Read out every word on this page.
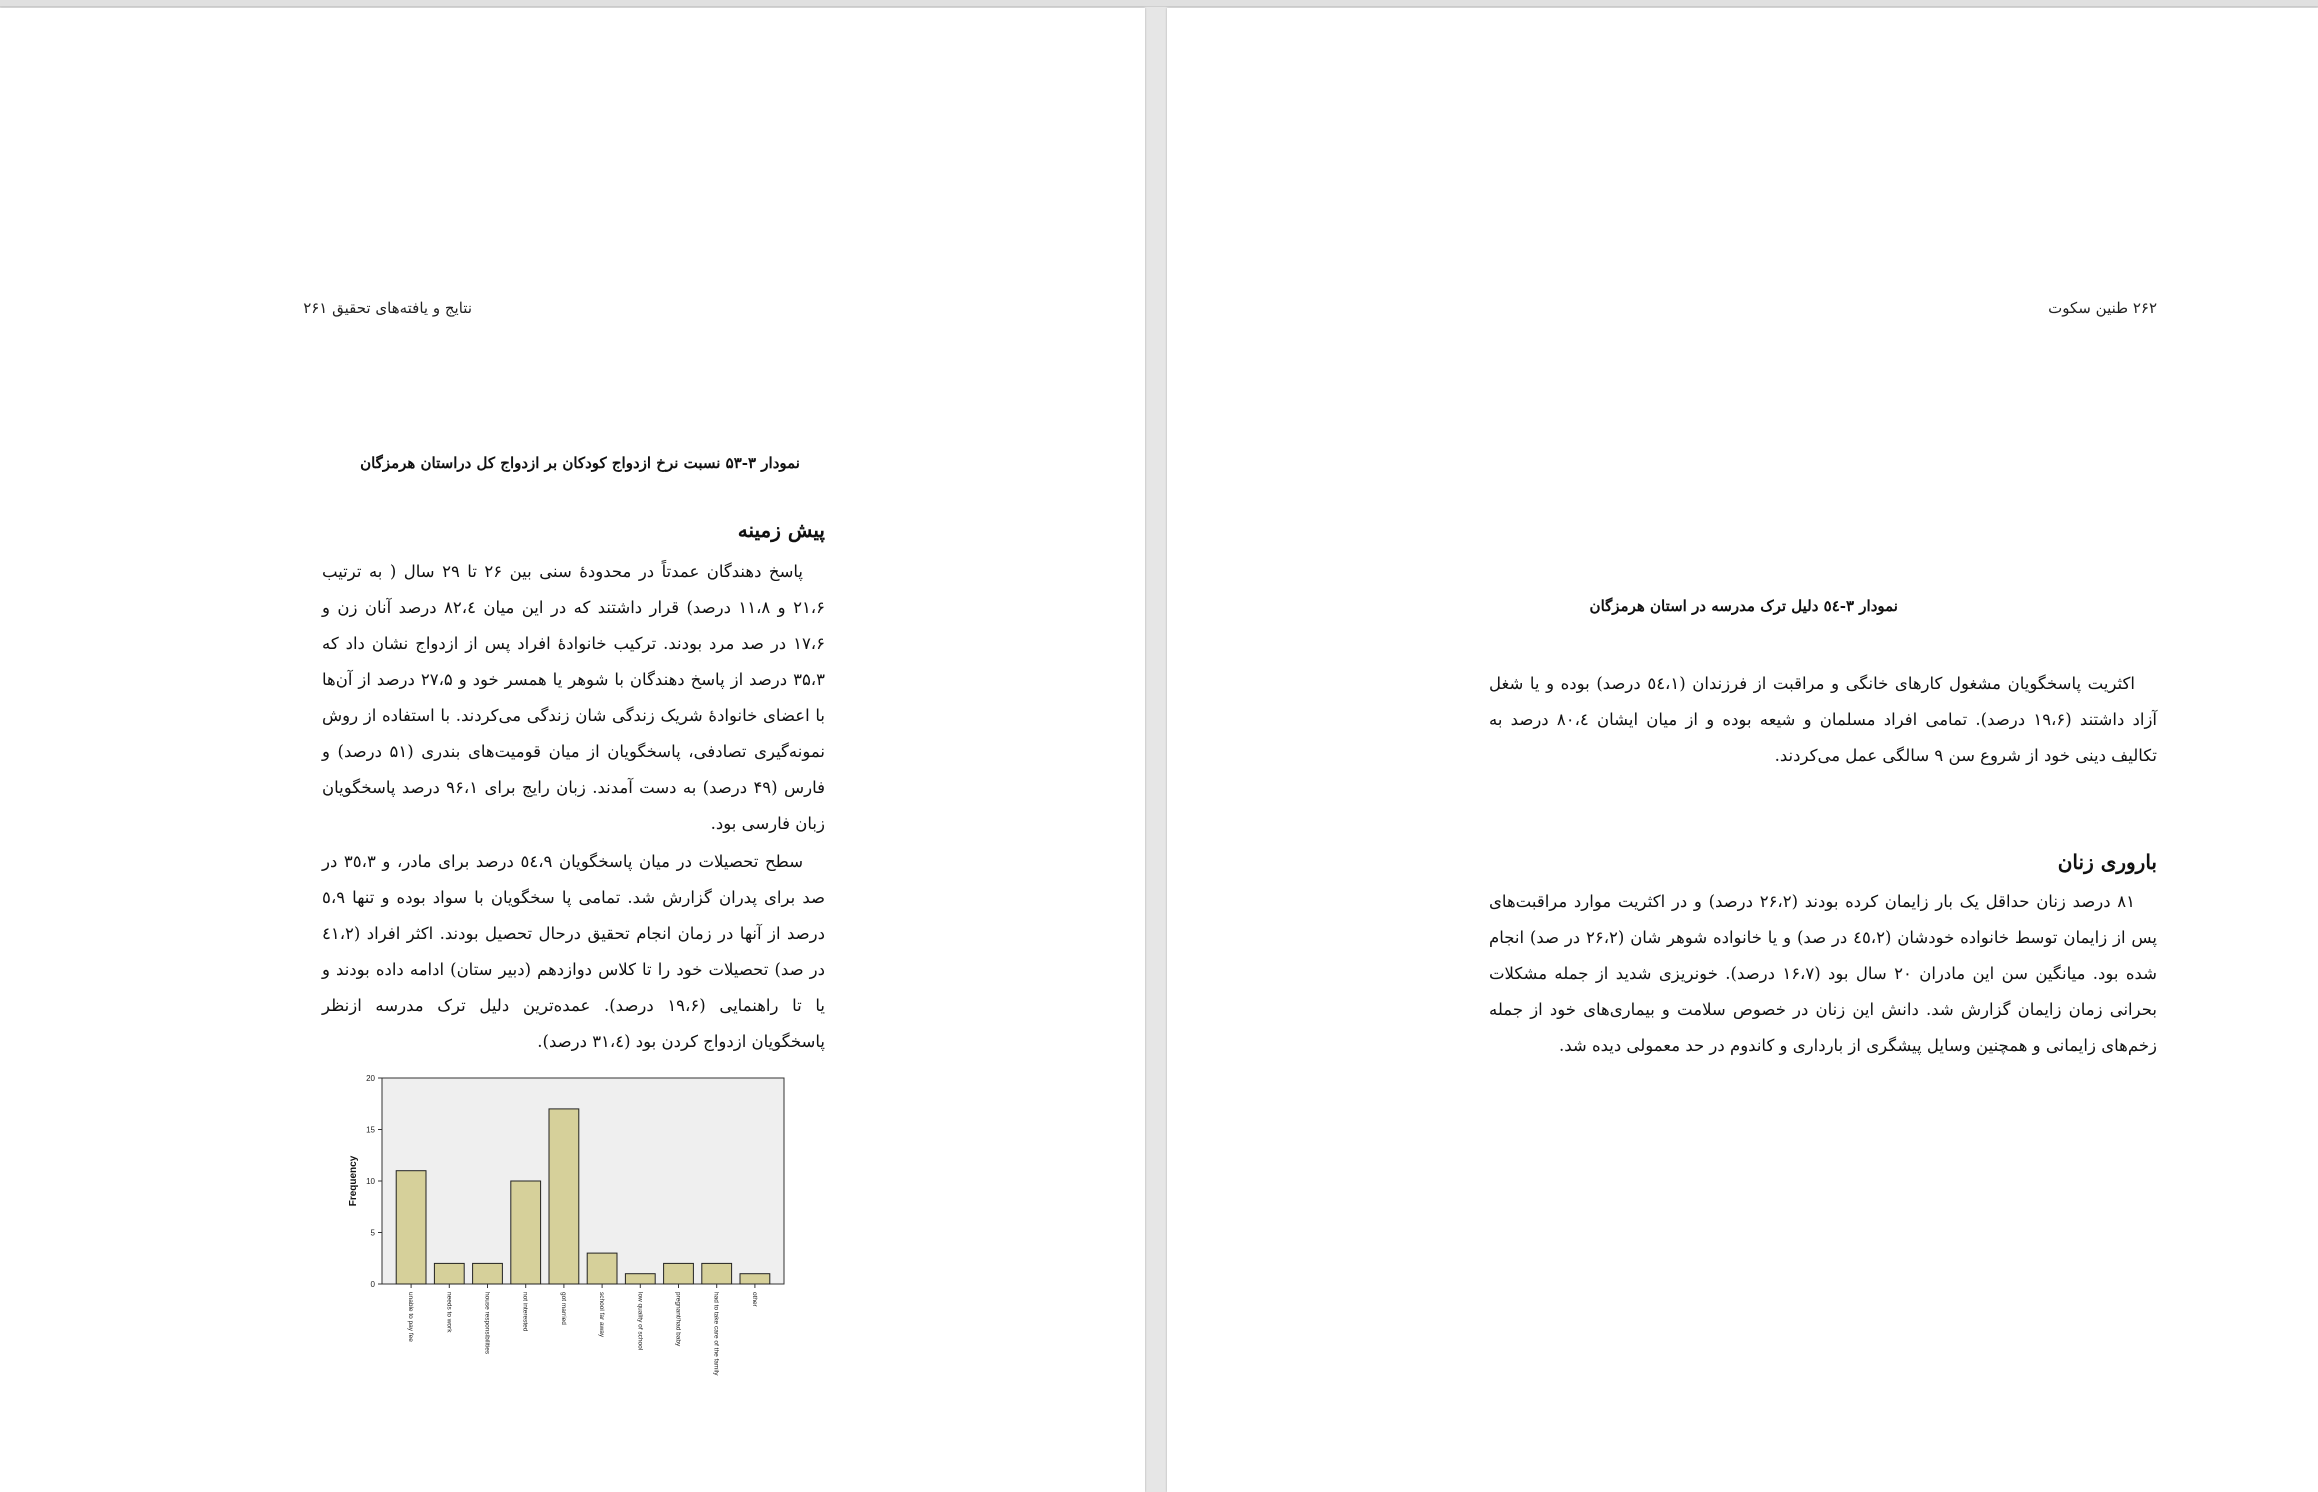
نتایج و یافته‌های تحقیق ۲۶۱
نمودار ۳-۵۳ نسبت نرخ ازدواج کودکان بر ازدواج کل دراستان هرمزگان
پیش زمینه

پاسخ دهندگان عمدتاً در محدودهٔ سنی بین ۲۶ تا ۲۹ سال ( به ترتیب ۲۱،۶ و ۱۱،۸ درصد) قرار داشتند که در این میان ۸۲،٤ درصد آنان زن و ۱۷،۶ در صد مرد بودند. ترکیب خانوادهٔ افراد پس از ازدواج نشان داد که ۳۵،۳ درصد از پاسخ دهندگان با شوهر یا همسر خود و ۲۷،۵ درصد از آن‌ها با اعضای خانوادهٔ شریک زندگی شان زندگی می‌کردند. با استفاده از روش نمونه‌گیری تصادفی، پاسخگویان از میان قومیت‌های بندری (۵۱ درصد) و فارس (۴۹ درصد) به دست آمدند. زبان رایج برای ۹۶،۱ درصد پاسخگویان زبان فارسی بود.

سطح تحصیلات در میان پاسخگویان ٥٤،۹ درصد برای مادر، و ۳٥،۳ در صد برای پدران گزارش شد. تمامی پا سخگویان با سواد بوده و تنها ٥،۹ درصد از آنها در زمان انجام تحقیق درحال تحصیل بودند. اکثر افراد (٤۱،۲ در صد) تحصیلات خود را تا کلاس دوازدهم (دبیر ستان) ادامه داده بودند و یا تا راهنمایی (۱۹،۶ درصد). عمده‌ترین دلیل ترک مدرسه ازنظر پاسخگویان ازدواج کردن بود (۳۱،٤ درصد).

0
5
10
15
20
Frequency
unable to pay fee	needs to work	house responsibilities	not interested	got married	school far away	low quality of school	pregnant/had baby	had to take care of the family	other
۲۶۲ طنین سکوت
نمودار ۳-٥٤ دلیل ترک مدرسه در استان هرمزگان

اکثریت پاسخگویان مشغول کارهای خانگی و مراقبت از فرزندان (٥٤،۱ درصد) بوده و یا شغل آزاد داشتند (۱۹،۶ درصد). تمامی افراد مسلمان و شیعه بوده و از میان ایشان ۸۰،٤ درصد به تکالیف دینی خود از شروع سن ۹ سالگی عمل می‌کردند.

باروری زنان

۸۱ درصد زنان حداقل یک بار زایمان کرده بودند (۲۶،۲ درصد) و در اکثریت موارد مراقبت‌های پس از زایمان توسط خانواده خودشان (٤٥،۲ در صد) و یا خانواده شوهر شان (۲۶،۲ در صد) انجام شده بود. میانگین سن این مادران ۲۰ سال بود (۱۶،۷ درصد). خونریزی شدید از جمله مشکلات بحرانی زمان زایمان گزارش شد. دانش این زنان در خصوص سلامت و بیماری‌های خود از جمله زخم‌های زایمانی و همچنین وسایل پیشگری از بارداری و کاندوم در حد معمولی دیده شد.
